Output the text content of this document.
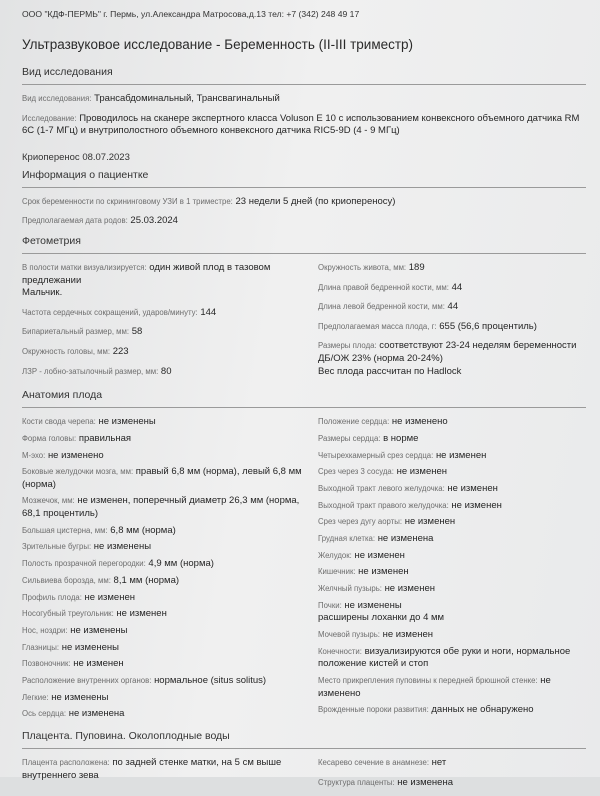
ООО "КДФ-ПЕРМЬ" г. Пермь, ул.Александра Матросова,д.13 тел: +7 (342) 248 49 17
Ультразвуковое исследование - Беременность (II-III триместр)
Вид исследования
Вид исследования: Трансабдоминальный, Трансвагинальный
Исследование: Проводилось на сканере экспертного класса Voluson E 10 с использованием конвексного объемного датчика RM 6C (1-7 МГц) и внутриполостного объемного конвексного датчика RIC5-9D (4 - 9 МГц)
Криоперенос 08.07.2023
Информация о пациентке
Срок беременности по скрининговому УЗИ в 1 триместре: 23 недели 5 дней (по криопереносу)
Предполагаемая дата родов: 25.03.2024
Фетометрия
В полости матки визуализируется: один живой плод в тазовом предлежании
Мальчик.
Частота сердечных сокращений, ударов/минуту: 144
Бипариетальный размер, мм: 58
Окружность головы, мм: 223
ЛЗР - лобно-затылочный размер, мм: 80
Окружность живота, мм: 189
Длина правой бедренной кости, мм: 44
Длина левой бедренной кости, мм: 44
Предполагаемая масса плода, г: 655 (56,6 процентиль)
Размеры плода: соответствуют 23-24 неделям беременности
ДБ/ОЖ 23% (норма 20-24%)
Вес плода рассчитан по Hadlock
Анатомия плода
Кости свода черепа: не изменены
Форма головы: правильная
М-эхо: не изменено
Боковые желудочки мозга, мм: правый 6,8 мм (норма), левый 6,8 мм (норма)
Мозжечок, мм: не изменен, поперечный диаметр 26,3 мм (норма, 68,1 процентиль)
Большая цистерна, мм: 6,8 мм (норма)
Зрительные бугры: не изменены
Полость прозрачной перегородки: 4,9 мм (норма)
Сильвиева борозда, мм: 8,1 мм (норма)
Профиль плода: не изменен
Носогубный треугольник: не изменен
Нос, ноздри: не изменены
Глазницы: не изменены
Позвоночник: не изменен
Расположение внутренних органов: нормальное (situs solitus)
Легкие: не изменены
Ось сердца: не изменена
Положение сердца: не изменено
Размеры сердца: в норме
Четырехкамерный срез сердца: не изменен
Срез через 3 сосуда: не изменен
Выходной тракт левого желудочка: не изменен
Выходной тракт правого желудочка: не изменен
Срез через дугу аорты: не изменен
Грудная клетка: не изменена
Желудок: не изменен
Кишечник: не изменен
Желчный пузырь: не изменен
Почки: не изменены
расширены лоханки до 4 мм
Мочевой пузырь: не изменен
Конечности: визуализируются обе руки и ноги, нормальное положение кистей и стоп
Место прикрепления пуповины к передней брюшной стенке: не изменено
Врожденные пороки развития: данных не обнаружено
Плацента. Пуповина. Околоплодные воды
Плацента расположена: по задней стенке матки, на 5 см выше внутреннего зева
Кесарево сечение в анамнезе: нет
Структура плаценты: не изменена
